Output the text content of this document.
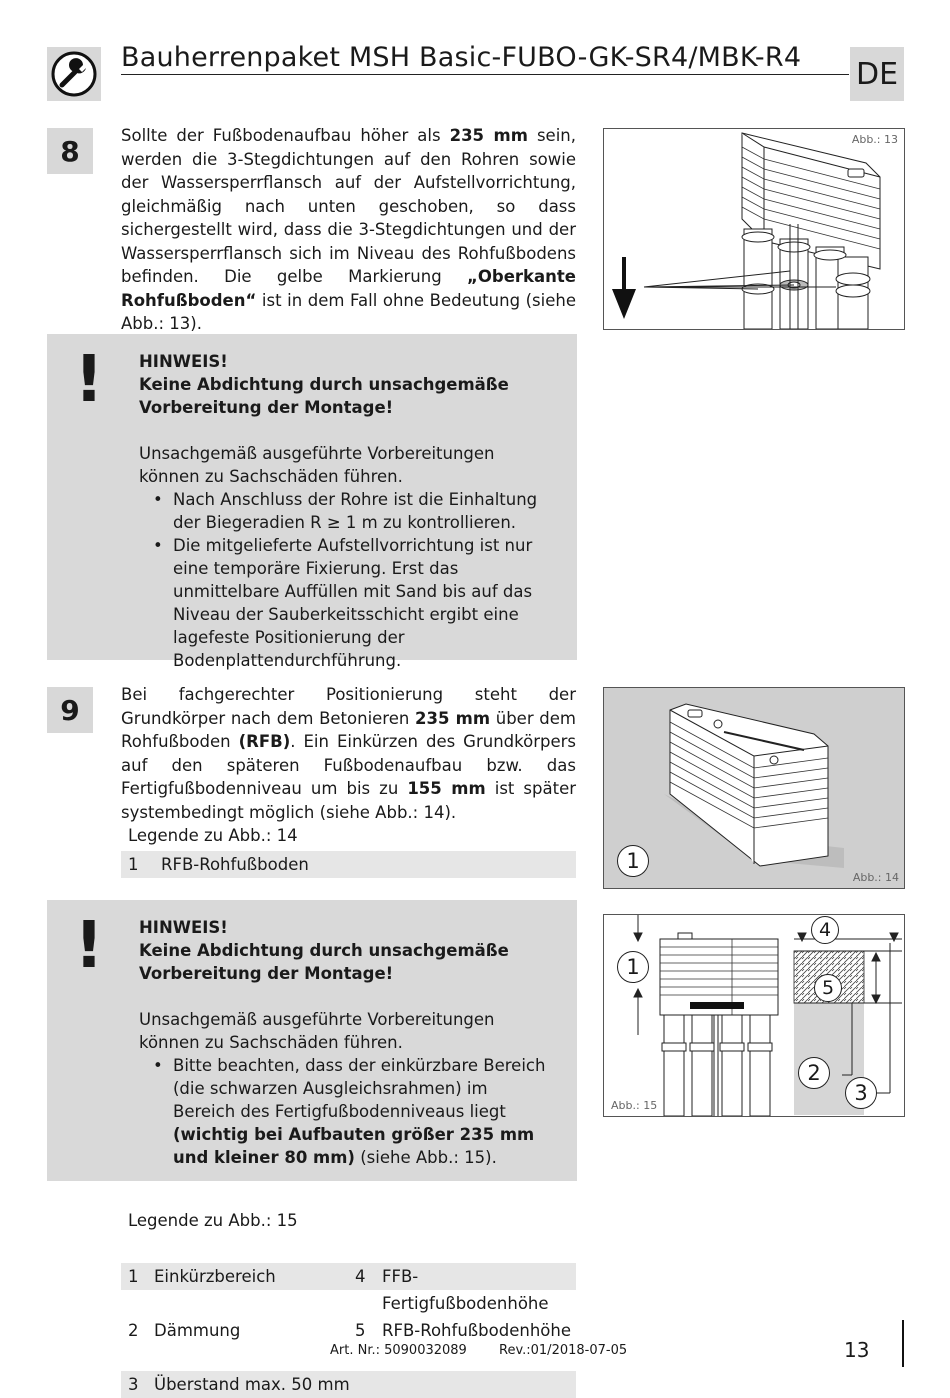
Bauherrenpaket MSH Basic-FUBO-GK-SR4/MBK-R4 DE
8	Sollte der Fußbodenaufbau höher als 235 mm sein, werden die 3-Stegdichtungen auf den Rohren sowie der Wassersperrflansch auf der Aufstellvorrichtung, gleichmäßig nach unten geschoben, so dass sichergestellt wird, dass die 3-Stegdichtungen und der Wassersperrflansch sich im Niveau des Rohfußbodens befinden. Die gelbe Markierung „Oberkante Rohfußboden“ ist in dem Fall ohne Bedeutung (siehe Abb.: 13).
Abb.: 13
!	HINWEIS!
Keine Abdichtung durch unsachgemäße Vorbereitung der Montage!
Unsachgemäß ausgeführte Vorbereitungen können zu Sachschäden führen.
• Nach Anschluss der Rohre ist die Einhaltung der Biegeradien R ≥ 1 m zu kontrollieren.
• Die mitgelieferte Aufstellvorrichtung ist nur eine temporäre Fixierung. Erst das unmittelbare Auffüllen mit Sand bis auf das Niveau der Sauberkeitsschicht ergibt eine lagefeste Positionierung der Bodenplattendurchführung.
9	Bei fachgerechter Positionierung steht der Grundkörper nach dem Betonieren 235 mm über dem Rohfußboden (RFB). Ein Einkürzen des Grundkörpers auf den späteren Fußbodenaufbau bzw. das Fertigfußbodenniveau um bis zu 155 mm ist später systembedingt möglich (siehe Abb.: 14).
Legende zu Abb.: 14
1 RFB-Rohfußboden	1
Abb.: 14
!	HINWEIS!
Keine Abdichtung durch unsachgemäße Vorbereitung der Montage!
Unsachgemäß ausgeführte Vorbereitungen können zu Sachschäden führen.
• Bitte beachten, dass der einkürzbare Bereich (die schwarzen Ausgleichsrahmen) im Bereich des Fertigfußbodenniveaus liegt (wichtig bei Aufbauten größer 235 mm und kleiner 80 mm) (siehe Abb.: 15).
1
2
3
4
5
Abb.: 15
Legende zu Abb.: 15
1 Einkürzbereich	4 FFB-Fertigfußbodenhöhe
2 Dämmung	5 RFB-Rohfußbodenhöhe
3 Überstand max. 50 mm
Art. Nr.: 5090032089 Rev.:01/2018-07-05	13
